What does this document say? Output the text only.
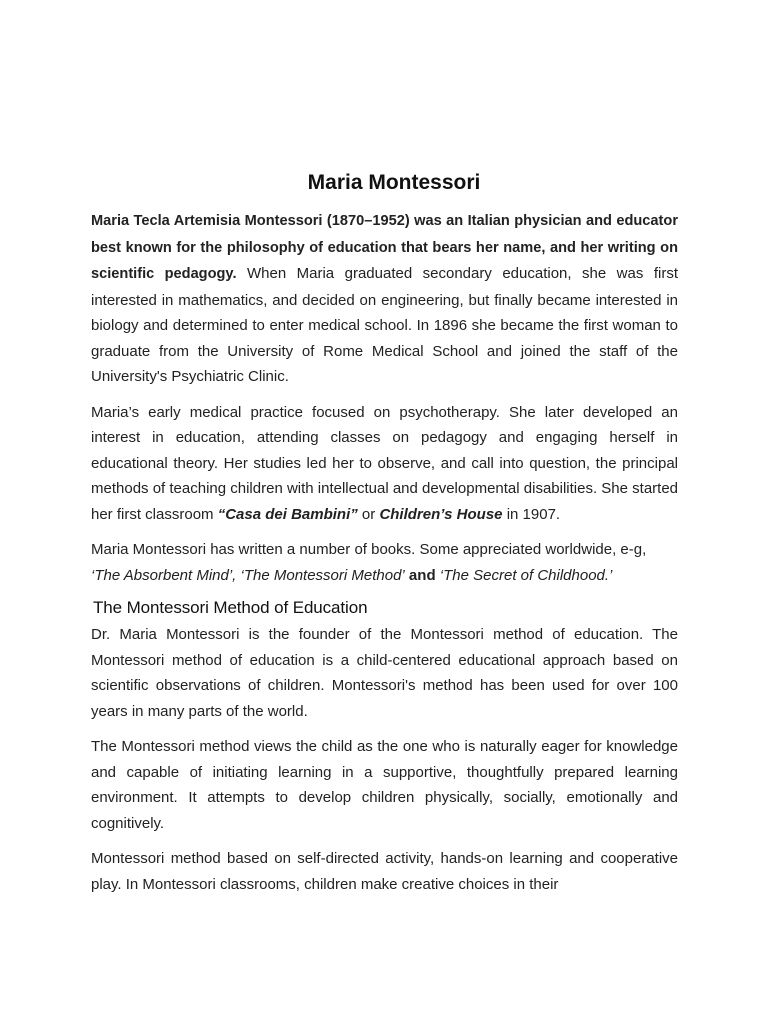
Maria Montessori

Maria Tecla Artemisia Montessori (1870–1952) was an Italian physician and educator best known for the philosophy of education that bears her name, and her writing on scientific pedagogy. When Maria graduated secondary education, she was first interested in mathematics, and decided on engineering, but finally became interested in biology and determined to enter medical school. In 1896 she became the first woman to graduate from the University of Rome Medical School and joined the staff of the University's Psychiatric Clinic.

Maria’s early medical practice focused on psychotherapy. She later developed an interest in education, attending classes on pedagogy and engaging herself in educational theory. Her studies led her to observe, and call into question, the principal methods of teaching children with intellectual and developmental disabilities. She started her first classroom “Casa dei Bambini” or Children’s House in 1907.

Maria Montessori has written a number of books. Some appreciated worldwide, e-g, ‘The Absorbent Mind’, ‘The Montessori Method’ and ‘The Secret of Childhood.’

The Montessori Method of Education

Dr. Maria Montessori is the founder of the Montessori method of education. The Montessori method of education is a child-centered educational approach based on scientific observations of children. Montessori's method has been used for over 100 years in many parts of the world.

The Montessori method views the child as the one who is naturally eager for knowledge and capable of initiating learning in a supportive, thoughtfully prepared learning environment. It attempts to develop children physically, socially, emotionally and cognitively.

Montessori method based on self-directed activity, hands-on learning and cooperative play. In Montessori classrooms, children make creative choices in their
